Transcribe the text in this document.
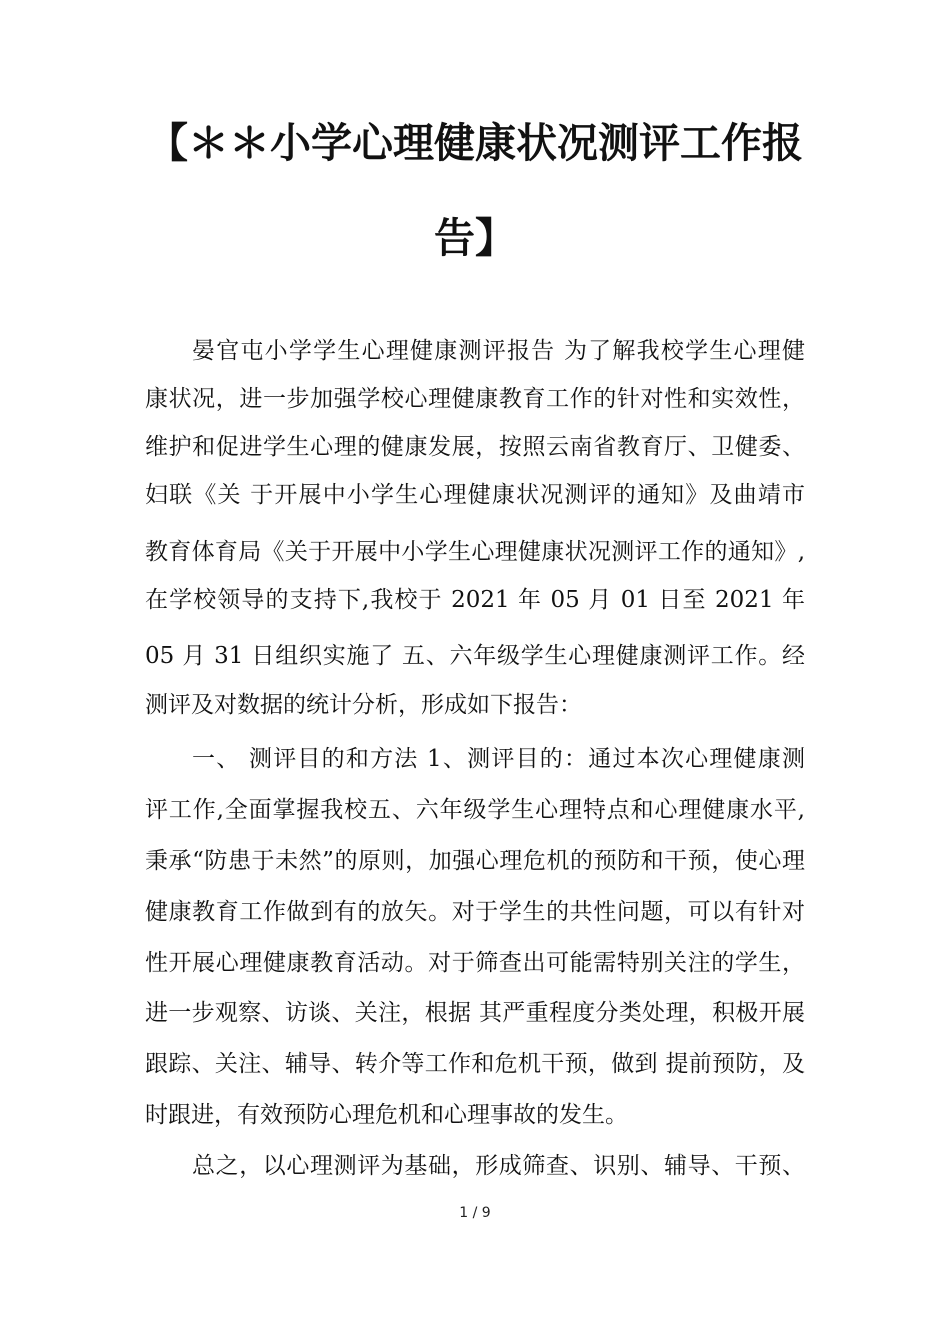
【＊＊小学心理健康状况测评工作报
告】
晏官屯小学学生心理健康测评报告 为了解我校学生心理健
康状况，进一步加强学校心理健康教育工作的针对性和实效性，
维护和促进学生心理的健康发展，按照云南省教育厅、卫健委、
妇联《关 于开展中小学生心理健康状况测评的通知》及曲靖市
教育体育局《关于开展中小学生心理健康状况测评工作的通知》,
在学校领导的支持下,我校于 2021 年 05 月 01 日至 2021 年
05 月 31 日组织实施了 五、六年级学生心理健康测评工作。经
测评及对数据的统计分析，形成如下报告：
一、 测评目的和方法 1、测评目的：通过本次心理健康测
评工作,全面掌握我校五、六年级学生心理特点和心理健康水平,
秉承“防患于未然”的原则，加强心理危机的预防和干预，使心理
健康教育工作做到有的放矢。对于学生的共性问题，可以有针对
性开展心理健康教育活动。对于筛查出可能需特别关注的学生，
进一步观察、访谈、关注，根据 其严重程度分类处理，积极开展
跟踪、关注、辅导、转介等工作和危机干预，做到 提前预防，及
时跟进，有效预防心理危机和心理事故的发生。
总之，以心理测评为基础，形成筛查、识别、辅导、干预、
1 / 9
